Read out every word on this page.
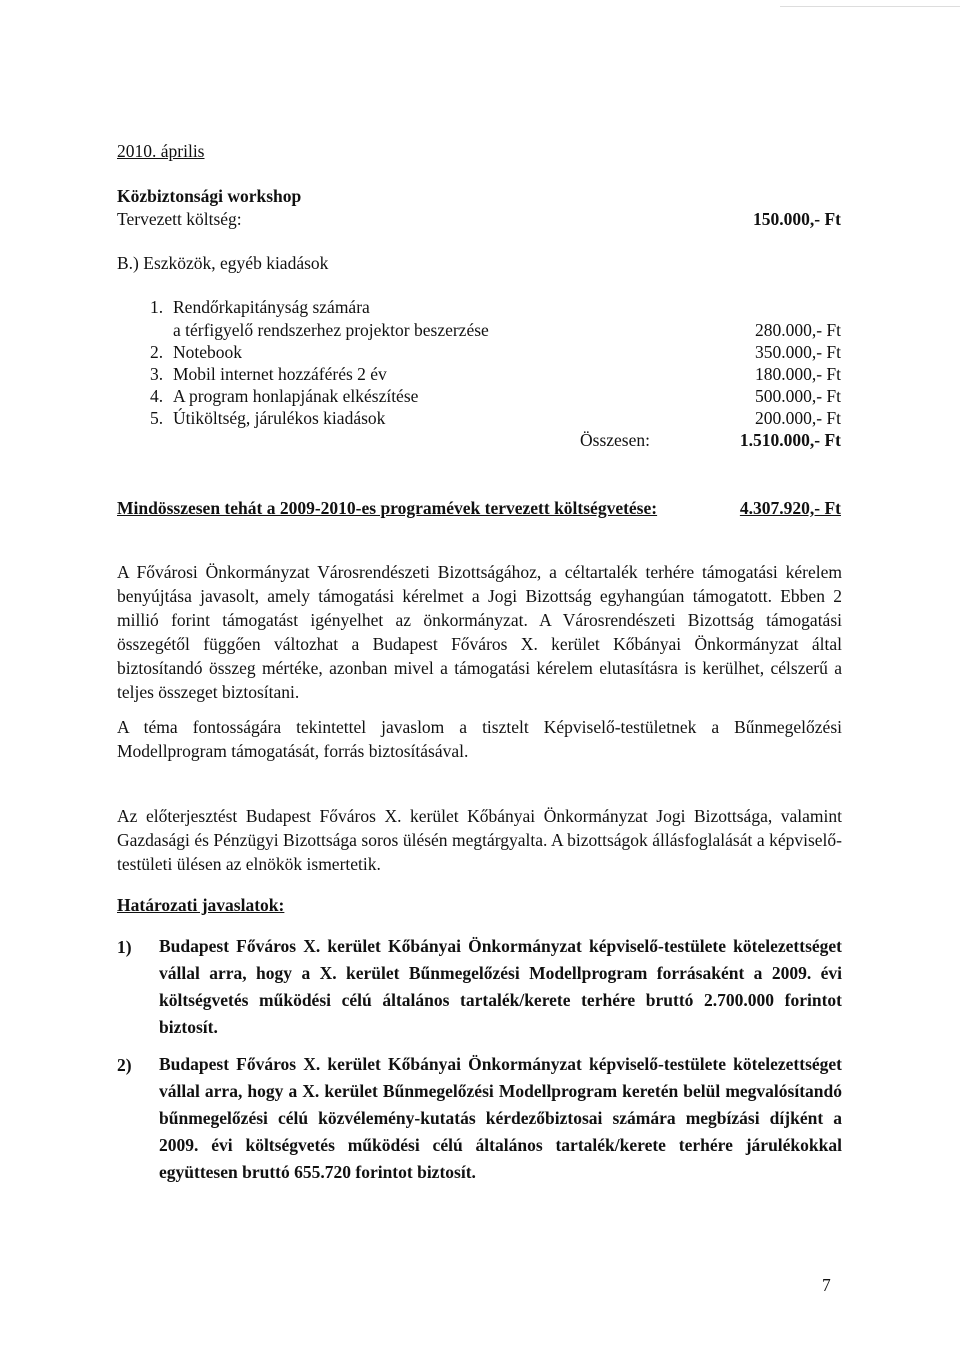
2010. április
Közbiztonsági workshop
Tervezett költség:	150.000,- Ft
B.) Eszközök, egyéb kiadások
1. Rendőrkapitányság számára
a térfigyelő rendszerhez projektor beszerzése	280.000,- Ft
2. Notebook	350.000,- Ft
3. Mobil internet hozzáférés 2 év	180.000,- Ft
4. A program honlapjának elkészítése	500.000,- Ft
5. Útiköltség, járulékos kiadások	200.000,- Ft
Összesen:	1.510.000,- Ft
Mindösszesen tehát a 2009-2010-es programévek tervezett költségvetése:	4.307.920,- Ft
A Fővárosi Önkormányzat Városrendészeti Bizottságához, a céltartalék terhére támogatási kérelem benyújtása javasolt, amely támogatási kérelmet a Jogi Bizottság egyhangúan támogatott. Ebben 2 millió forint támogatást igényelhet az önkormányzat. A Városrendészeti Bizottság támogatási összegétől függően változhat a Budapest Főváros X. kerület Kőbányai Önkormányzat által biztosítandó összeg mértéke, azonban mivel a támogatási kérelem elutasításra is kerülhet, célszerű a teljes összeget biztosítani.
A téma fontosságára tekintettel javaslom a tisztelt Képviselő-testületnek a Bűnmegelőzési Modellprogram támogatását, forrás biztosításával.
Az előterjesztést Budapest Főváros X. kerület Kőbányai Önkormányzat Jogi Bizottsága, valamint Gazdasági és Pénzügyi Bizottsága soros ülésén megtárgyalta. A bizottságok állásfoglalását a képviselő-testületi ülésen az elnökök ismertetik.
Határozati javaslatok:
1) Budapest Főváros X. kerület Kőbányai Önkormányzat képviselő-testülete kötelezettséget vállal arra, hogy a X. kerület Bűnmegelőzési Modellprogram forrásaként a 2009. évi költségvetés működési célú általános tartalék/kerete terhére bruttó 2.700.000 forintot biztosít.
2) Budapest Főváros X. kerület Kőbányai Önkormányzat képviselő-testülete kötelezettséget vállal arra, hogy a X. kerület Bűnmegelőzési Modellprogram keretén belül megvalósítandó bűnmegelőzési célú közvélemény-kutatás kérdezőbiztosai számára megbízási díjként a 2009. évi költségvetés működési célú általános tartalék/kerete terhére járulékokkal együttesen bruttó 655.720 forintot biztosít.
7
